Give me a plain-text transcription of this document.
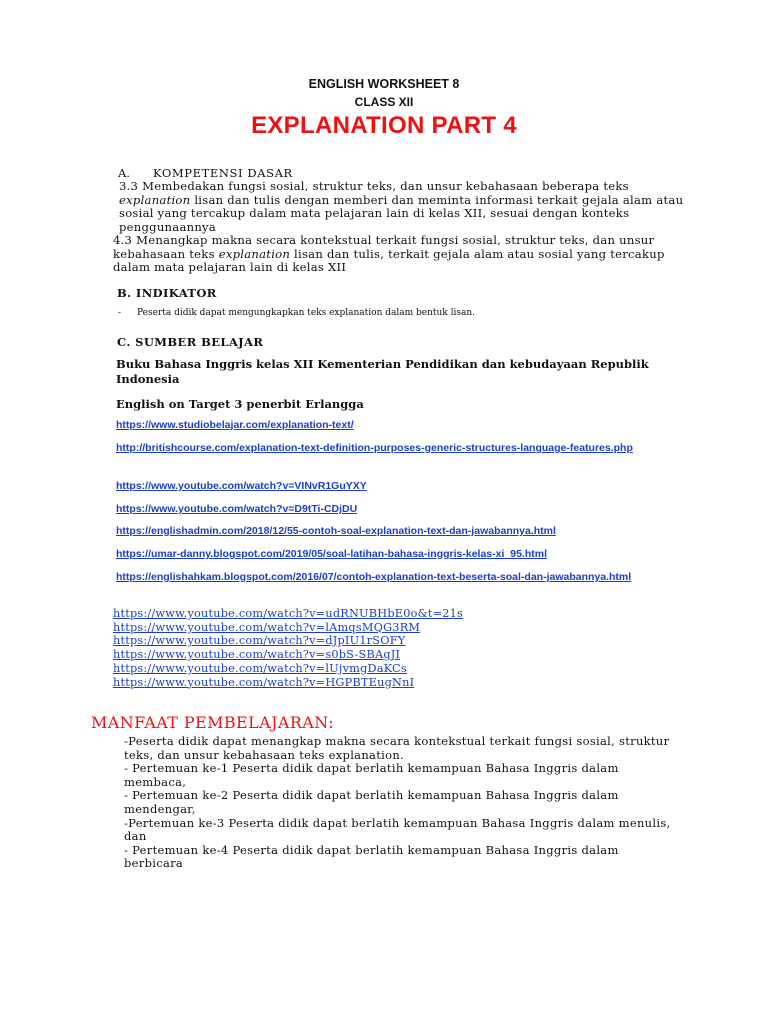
ENGLISH WORKSHEET 8
CLASS XII
EXPLANATION PART 4
A. KOMPETENSI DASAR
3.3 Membedakan fungsi sosial, struktur teks, dan unsur kebahasaan beberapa teks explanation lisan dan tulis dengan memberi dan meminta informasi terkait gejala alam atau sosial yang tercakup dalam mata pelajaran lain di kelas XII, sesuai dengan konteks penggunaannya
4.3 Menangkap makna secara kontekstual terkait fungsi sosial, struktur teks, dan unsur kebahasaan teks explanation lisan dan tulis, terkait gejala alam atau sosial yang tercakup dalam mata pelajaran lain di kelas XII
B. INDIKATOR
- Peserta didik dapat mengungkapkan teks explanation dalam bentuk lisan.
C. SUMBER BELAJAR
Buku Bahasa Inggris kelas XII Kementerian Pendidikan dan kebudayaan Republik Indonesia
English on Target 3 penerbit Erlangga
https://www.studiobelajar.com/explanation-text/
http://britishcourse.com/explanation-text-definition-purposes-generic-structures-language-features.php
https://www.youtube.com/watch?v=VINvR1GuYXY
https://www.youtube.com/watch?v=D9tTi-CDjDU
https://englishadmin.com/2018/12/55-contoh-soal-explanation-text-dan-jawabannya.html
https://umar-danny.blogspot.com/2019/05/soal-latihan-bahasa-inggris-kelas-xi_95.html
https://englishahkam.blogspot.com/2016/07/contoh-explanation-text-beserta-soal-dan-jawabannya.html
https://www.youtube.com/watch?v=udRNUBHbE0o&t=21s
https://www.youtube.com/watch?v=lAmqsMQG3RM
https://www.youtube.com/watch?v=dJpIU1rSOFY
https://www.youtube.com/watch?v=s0bS-SBAgJI
https://www.youtube.com/watch?v=lUjvmgDaKCs
https://www.youtube.com/watch?v=HGPBTEugNnI
MANFAAT PEMBELAJARAN:
-Peserta didik dapat menangkap makna secara kontekstual terkait fungsi sosial, struktur teks, dan unsur kebahasaan teks explanation.
- Pertemuan ke-1 Peserta didik dapat berlatih kemampuan Bahasa Inggris dalam membaca,
- Pertemuan ke-2 Peserta didik dapat berlatih kemampuan Bahasa Inggris dalam mendengar,
-Pertemuan ke-3 Peserta didik dapat berlatih kemampuan Bahasa Inggris dalam menulis, dan
- Pertemuan ke-4 Peserta didik dapat berlatih kemampuan Bahasa Inggris dalam berbicara
